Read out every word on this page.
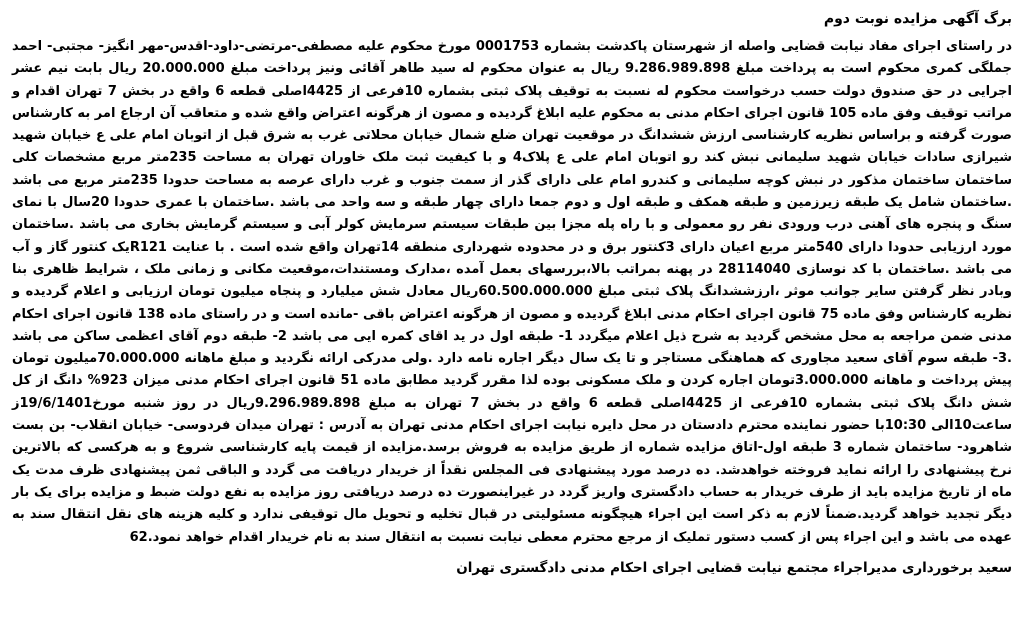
برگ آگهی مزایده نوبت دوم

در راستای اجرای مفاد نیابت قضایی واصله از شهرستان پاکدشت بشماره 0001753 مورخ محکوم علیه مصطفی-مرتضی-داود-اقدس-مهر انگیز- مجتبی- احمد جملگی کمری محکوم است به پرداخت مبلغ 9.286.989.898 ریال به عنوان محکوم له سید طاهر آقائی ونیز پرداخت مبلغ 20.000.000 ریال بابت نیم عشر اجرایی در حق صندوق دولت حسب درخواست محکوم له نسبت به توقیف پلاک ثبتی بشماره 10فرعی از 4425اصلی قطعه 6 واقع در بخش 7 تهران اقدام و مراتب توقیف وفق ماده 105 قانون اجرای احکام مدنی به محکوم علیه ابلاغ گردیده و مصون از هرگونه اعتراض واقع شده و متعاقب آن ارجاع امر به کارشناس صورت گرفته و براساس نظریه کارشناسی ارزش ششدانگ در موقعیت تهران ضلع شمال خیابان محلاتی غرب به شرق قبل از اتوبان امام علی ع خیابان شهید شیرازی سادات خیابان شهید سلیمانی نبش کند رو اتوبان امام علی ع پلاک4 و با کیفیت ثبت ملک خاوران تهران به مساحت 235متر مربع مشخصات کلی ساختمان ساختمان مذکور در نبش کوچه سلیمانی و کندرو امام علی دارای گذر از سمت جنوب و غرب دارای عرصه به مساحت حدودا 235متر مربع می باشد .ساختمان شامل یک طبقه زیرزمین و طبقه همکف و طبقه اول و دوم جمعا دارای چهار طبقه و سه واحد می باشد .ساختمان با عمری حدودا 20سال با نمای سنگ و پنجره های آهنی درب ورودی نفر رو معمولی و با راه پله مجزا بین طبقات سیستم سرمایش کولر آبی و سیستم گرمایش بخاری می باشد .ساختمان مورد ارزیابی حدودا دارای 540متر مربع اعیان دارای 3کنتور برق و در محدوده شهرداری منطقه 14تهران واقع شده است . با عنایت R121یک کنتور گاز و آب می باشد .ساختمان با کد نوسازی 28114040 در پهنه بمراتب بالا،بررسهای بعمل آمده ،مدارک ومستندات،موقعیت مکانی و زمانی ملک ، شرایط ظاهری بنا وبادر نظر گرفتن سایر جوانب موثر ،ارزششدانگ پلاک ثبتی مبلغ 60.500.000.000ریال معادل شش میلیارد و پنجاه میلیون تومان ارزیابی و اعلام گردیده و نظریه کارشناس وفق ماده 75 قانون اجرای احکام مدنی ابلاغ گردیده و مصون از هرگونه اعتراض باقی -مانده است و در راستای ماده 138 قانون اجرای احکام مدنی ضمن مراجعه به محل مشخص گردید به شرح ذیل اعلام میگردد 1- طبقه اول در ید اقای کمره ایی می باشد 2- طبقه دوم آقای اعظمی ساکن می باشد .3- طبقه سوم آقای سعید مجاوری که هماهنگی مستاجر و تا یک سال دیگر اجاره نامه دارد .ولی مدرکی ارائه نگردید و مبلغ ماهانه 70.000.000میلیون تومان پیش پرداخت و ماهانه 3.000.000تومان اجاره کردن و ملک مسکونی بوده لذا مقرر گردید مطابق ماده 51 قانون اجرای احکام مدنی میزان 923% دانگ از کل شش دانگ پلاک ثبتی بشماره 10فرعی از 4425اصلی قطعه 6 واقع در بخش 7 تهران به مبلغ 9.296.989.898ریال در روز شنبه مورخ19/6/1401ز ساعت10الی 10:30با حضور نماینده محترم دادستان در محل دایره نیابت اجرای احکام مدنی تهران به آدرس : تهران میدان فردوسی- خیابان انقلاب- بن بست شاهرود- ساختمان شماره 3 طبقه اول-اتاق مزایده شماره از طریق مزایده به فروش برسد.مزایده از قیمت پایه کارشناسی شروع و به هرکسی که بالاترین نرخ پیشنهادی را ارائه نماید فروخته خواهدشد. ده درصد مورد پیشنهادی فی المجلس نقداً از خریدار دریافت می گردد و الباقی ثمن پیشنهادی ظرف مدت یک ماه از تاریخ مزایده باید از طرف خریدار به حساب دادگستری واریز گردد در غیراینصورت ده درصد دریافتی روز مزایده به نفع دولت ضبط و مزایده برای یک بار دیگر تجدید خواهد گردید.ضمناً لازم به ذکر است این اجراء هیچگونه مسئولیتی در قبال تخلیه و تحویل مال توقیفی ندارد و کلیه هزینه های نقل انتقال سند به عهده می باشد و این اجراء پس از کسب دستور تملیک از مرجع محترم معطی نیابت نسبت به انتقال سند به نام خریدار اقدام خواهد نمود.62

سعید برخورداری مدیراجراء مجتمع نیابت قضایی اجرای احکام مدنی دادگستری تهران
